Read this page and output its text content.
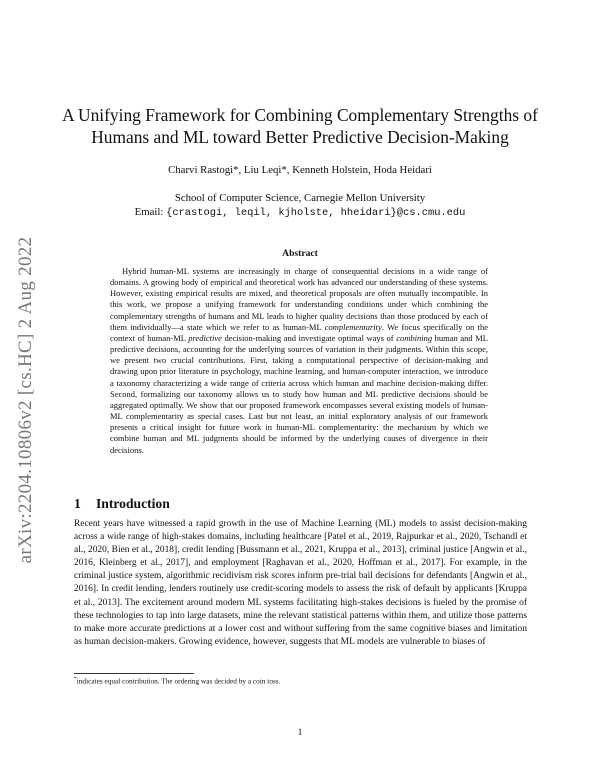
arXiv:2204.10806v2 [cs.HC] 2 Aug 2022
A Unifying Framework for Combining Complementary Strengths of
Humans and ML toward Better Predictive Decision-Making
Charvi Rastogi*, Liu Leqi*, Kenneth Holstein, Hoda Heidari
School of Computer Science, Carnegie Mellon University
Email: {crastogi, leqil, kjholste, hheidari}@cs.cmu.edu
Abstract
Hybrid human-ML systems are increasingly in charge of consequential decisions in a wide range of domains. A growing body of empirical and theoretical work has advanced our understanding of these systems. However, existing empirical results are mixed, and theoretical proposals are often mutually incompatible. In this work, we propose a unifying framework for understanding conditions under which combining the complementary strengths of humans and ML leads to higher quality decisions than those produced by each of them individually—a state which we refer to as human-ML complementarity. We focus specifically on the context of human-ML predictive decision-making and investigate optimal ways of combining human and ML predictive decisions, accounting for the underlying sources of variation in their judgments. Within this scope, we present two crucial contributions. First, taking a computational perspective of decision-making and drawing upon prior literature in psychology, machine learning, and human-computer interaction, we introduce a taxonomy characterizing a wide range of criteria across which human and machine decision-making differ. Second, formalizing our taxonomy allows us to study how human and ML predictive decisions should be aggregated optimally. We show that our proposed framework encompasses several existing models of human-ML complementarity as special cases. Last but not least, an initial exploratory analysis of our framework presents a critical insight for future work in human-ML complementarity: the mechanism by which we combine human and ML judgments should be informed by the underlying causes of divergence in their decisions.
1 Introduction
Recent years have witnessed a rapid growth in the use of Machine Learning (ML) models to assist decision-making across a wide range of high-stakes domains, including healthcare [Patel et al., 2019, Rajpurkar et al., 2020, Tschandl et al., 2020, Bien et al., 2018], credit lending [Bussmann et al., 2021, Kruppa et al., 2013], criminal justice [Angwin et al., 2016, Kleinberg et al., 2017], and employment [Raghavan et al., 2020, Hoffman et al., 2017]. For example, in the criminal justice system, algorithmic recidivism risk scores inform pre-trial bail decisions for defendants [Angwin et al., 2016]. In credit lending, lenders routinely use credit-scoring models to assess the risk of default by applicants [Kruppa et al., 2013]. The excitement around modern ML systems facilitating high-stakes decisions is fueled by the promise of these technologies to tap into large datasets, mine the relevant statistical patterns within them, and utilize those patterns to make more accurate predictions at a lower cost and without suffering from the same cognitive biases and limitation as human decision-makers. Growing evidence, however, suggests that ML models are vulnerable to biases of
*indicates equal contribution. The ordering was decided by a coin toss.
1
